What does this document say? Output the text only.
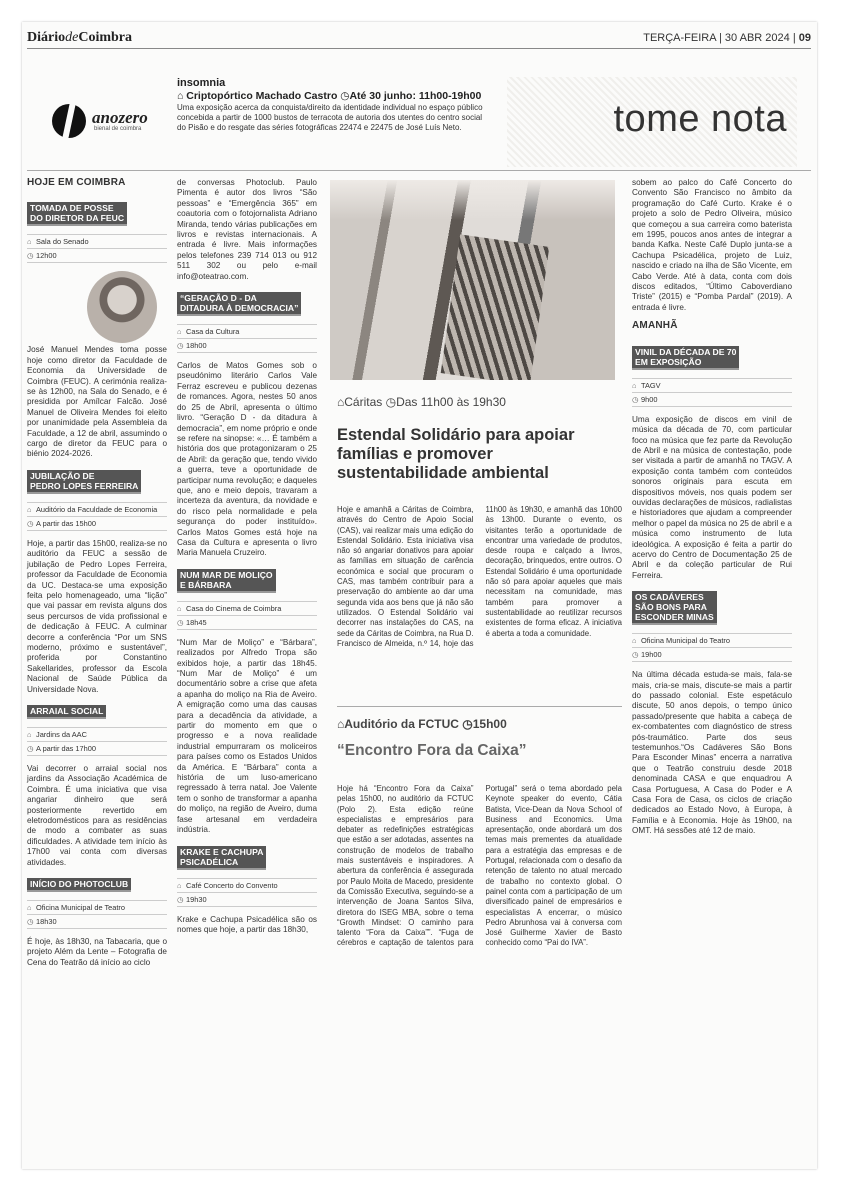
DiáriodeCoimbra	TERÇA-FEIRA | 30 ABR 2024 | 09
anozero
bienal de coimbra
insomnia
⌂ Criptopórtico Machado Castro ◷Até 30 junho: 11h00-19h00
Uma exposição acerca da conquista/direito da identidade individual no espaço público concebida a partir de 1000 bustos de terracota de autoria dos utentes do centro social do Pisão e do resgate das séries fotográficas 22474 e 22475 de José Luís Neto.	tome nota
HOJE EM COIMBRA
TOMADA DE POSSE
DO DIRETOR DA FEUC
⌂ Sala do Senado
◷ 12h00

José Manuel Mendes toma posse hoje como diretor da Faculdade de Economia da Universidade de Coimbra (FEUC). A cerimónia realiza-se às 12h00, na Sala do Senado, e é presidida por Amílcar Falcão. José Manuel de Oliveira Mendes foi eleito por unanimidade pela Assembleia da Faculdade, a 12 de abril, assumindo o cargo de diretor da FEUC para o biénio 2024-2026.

JUBILAÇÃO DE
PEDRO LOPES FERREIRA
⌂ Auditório da Faculdade de Economia
◷ A partir das 15h00

Hoje, a partir das 15h00, realiza-se no auditório da FEUC a sessão de jubilação de Pedro Lopes Ferreira, professor da Faculdade de Economia da UC. Destaca-se uma exposição feita pelo homenageado, uma “lição” que vai passar em revista alguns dos seus percursos de vida profissional e de dedicação à FEUC. A culminar decorre a conferência “Por um SNS moderno, próximo e sustentável”, proferida por Constantino Sakellarides, professor da Escola Nacional de Saúde Pública da Universidade Nova.

ARRAIAL SOCIAL
⌂ Jardins da AAC
◷ A partir das 17h00

Vai decorrer o arraial social nos jardins da Associação Académica de Coimbra. É uma iniciativa que visa angariar dinheiro que será posteriormente revertido em eletrodomésticos para as residências de modo a combater as suas dificuldades. A atividade tem início às 17h00 vai conta com diversas atividades.

INÍCIO DO PHOTOCLUB
⌂ Oficina Municipal de Teatro
◷ 18h30

É hoje, às 18h30, na Tabacaria, que o projeto Além da Lente – Fotografia de Cena do Teatrão dá início ao ciclo

de conversas Photoclub. Paulo Pimenta é autor dos livros “São pessoas” e “Emergência 365” em coautoria com o fotojornalista Adriano Miranda, tendo várias publicações em livros e revistas internacionais. A entrada é livre. Mais informações pelos telefones 239 714 013 ou 912 511 302 ou pelo e-mail info@oteatrao.com.

“GERAÇÃO D - DA
DITADURA À DEMOCRACIA”
⌂ Casa da Cultura
◷ 18h00

Carlos de Matos Gomes sob o pseudónimo literário Carlos Vale Ferraz escreveu e publicou dezenas de romances. Agora, nestes 50 anos do 25 de Abril, apresenta o último livro. “Geração D - da ditadura à democracia”, em nome próprio e onde se refere na sinopse: «… É também a história dos que protagonizaram o 25 de Abril: da geração que, tendo vivido a guerra, teve a oportunidade de participar numa revolução; e daqueles que, ano e meio depois, travaram a incerteza da aventura, da novidade e do risco pela normalidade e pela segurança do poder instituído». Carlos Matos Gomes está hoje na Casa da Cultura e apresenta o livro Maria Manuela Cruzeiro.

NUM MAR DE MOLIÇO
E BÁRBARA
⌂ Casa do Cinema de Coimbra
◷ 18h45

“Num Mar de Moliço” e “Bárbara”, realizados por Alfredo Tropa são exibidos hoje, a partir das 18h45. “Num Mar de Moliço” é um documentário sobre a crise que afeta a apanha do moliço na Ria de Aveiro. A emigração como uma das causas para a decadência da atividade, a partir do momento em que o progresso e a nova realidade industrial empurraram os moliceiros para países como os Estados Unidos da América. E “Bárbara” conta a história de um luso-americano regressado à terra natal. Joe Valente tem o sonho de transformar a apanha do moliço, na região de Aveiro, duma fase artesanal em verdadeira indústria.

KRAKE E CACHUPA
PSICADÉLICA
⌂ Café Concerto do Convento
◷ 19h30

Krake e Cachupa Psicadélica são os nomes que hoje, a partir das 18h30,

⌂Cáritas ◷Das 11h00 às 19h30
Estendal Solidário para apoiar famílias e promover sustentabilidade ambiental
Hoje e amanhã a Cáritas de Coimbra, através do Centro de Apoio Social (CAS), vai realizar mais uma edição do Estendal Solidário. Esta iniciativa visa não só angariar donativos para apoiar as famílias em situação de carência económica e social que procuram o CAS, mas também contribuir para a preservação do ambiente ao dar uma segunda vida aos bens que já não são utilizados. O Estendal Solidário vai decorrer nas instalações do CAS, na sede da Cáritas de Coimbra, na Rua D. Francisco de Almeida, n.º 14, hoje das 11h00 às 19h30, e amanhã das 10h00 às 13h00. Durante o evento, os visitantes terão a oportunidade de encontrar uma variedade de produtos, desde roupa e calçado a livros, decoração, brinquedos, entre outros. O Estendal Solidário é uma oportunidade não só para apoiar aqueles que mais necessitam na comunidade, mas também para promover a sustentabilidade ao reutilizar recursos existentes de forma eficaz. A iniciativa é aberta a toda a comunidade.
⌂Auditório da FCTUC ◷15h00
“Encontro Fora da Caixa”
Hoje há “Encontro Fora da Caixa” pelas 15h00, no auditório da FCTUC (Polo 2). Esta edição reúne especialistas e empresários para debater as redefinições estratégicas que estão a ser adotadas, assentes na construção de modelos de trabalho mais sustentáveis e inspiradores. A abertura da conferência é assegurada por Paulo Moita de Macedo, presidente da Comissão Executiva, seguindo-se a intervenção de Joana Santos Silva, diretora do ISEG MBA, sobre o tema “Growth Mindset: O caminho para talento “Fora da Caixa””. “Fuga de cérebros e captação de talentos para Portugal” será o tema abordado pela Keynote speaker do evento, Cátia Batista, Vice-Dean da Nova School of Business and Economics. Uma apresentação, onde abordará um dos temas mais prementes da atualidade para a estratégia das empresas e de Portugal, relacionada com o desafio da retenção de talento no atual mercado de trabalho no contexto global. O painel conta com a participação de um diversificado painel de empresários e especialistas A encerrar, o músico Pedro Abrunhosa vai à conversa com José Guilherme Xavier de Basto conhecido como “Pai do IVA”.

sobem ao palco do Café Concerto do Convento São Francisco no âmbito da programação do Café Curto. Krake é o projeto a solo de Pedro Oliveira, músico que começou a sua carreira como baterista em 1995, poucos anos antes de integrar a banda Kafka. Neste Café Duplo junta-se a Cachupa Psicadélica, projeto de Luiz, nascido e criado na ilha de São Vicente, em Cabo Verde. Até à data, conta com dois discos editados, “Último Caboverdiano Triste” (2015) e “Pomba Pardal” (2019). A entrada é livre.

AMANHÃ
VINIL DA DÉCADA DE 70
EM EXPOSIÇÃO
⌂ TAGV
◷ 9h00

Uma exposição de discos em vinil de música da década de 70, com particular foco na música que fez parte da Revolução de Abril e na música de contestação, pode ser visitada a partir de amanhã no TAGV. A exposição conta também com conteúdos sonoros originais para escuta em dispositivos móveis, nos quais podem ser ouvidas declarações de músicos, radialistas e historiadores que ajudam a compreender melhor o papel da música no 25 de abril e a música como instrumento de luta ideológica. A exposição é feita a partir do acervo do Centro de Documentação 25 de Abril e da coleção particular de Rui Ferreira.

OS CADÁVERES
SÃO BONS PARA
ESCONDER MINAS
⌂ Oficina Municipal do Teatro
◷ 19h00

Na última década estuda-se mais, fala-se mais, cria-se mais, discute-se mais a partir do passado colonial. Este espetáculo discute, 50 anos depois, o tempo único passado/presente que habita a cabeça de ex-combatentes com diagnóstico de stress pós-traumático. Parte dos seus testemunhos.“Os Cadáveres São Bons Para Esconder Minas” encerra a narrativa que o Teatrão construiu desde 2018 denominada CASA e que enquadrou A Casa Portuguesa, A Casa do Poder e A Casa Fora de Casa, os ciclos de criação dedicados ao Estado Novo, à Europa, à Família e à Economia. Hoje às 19h00, na OMT. Há sessões até 12 de maio.
